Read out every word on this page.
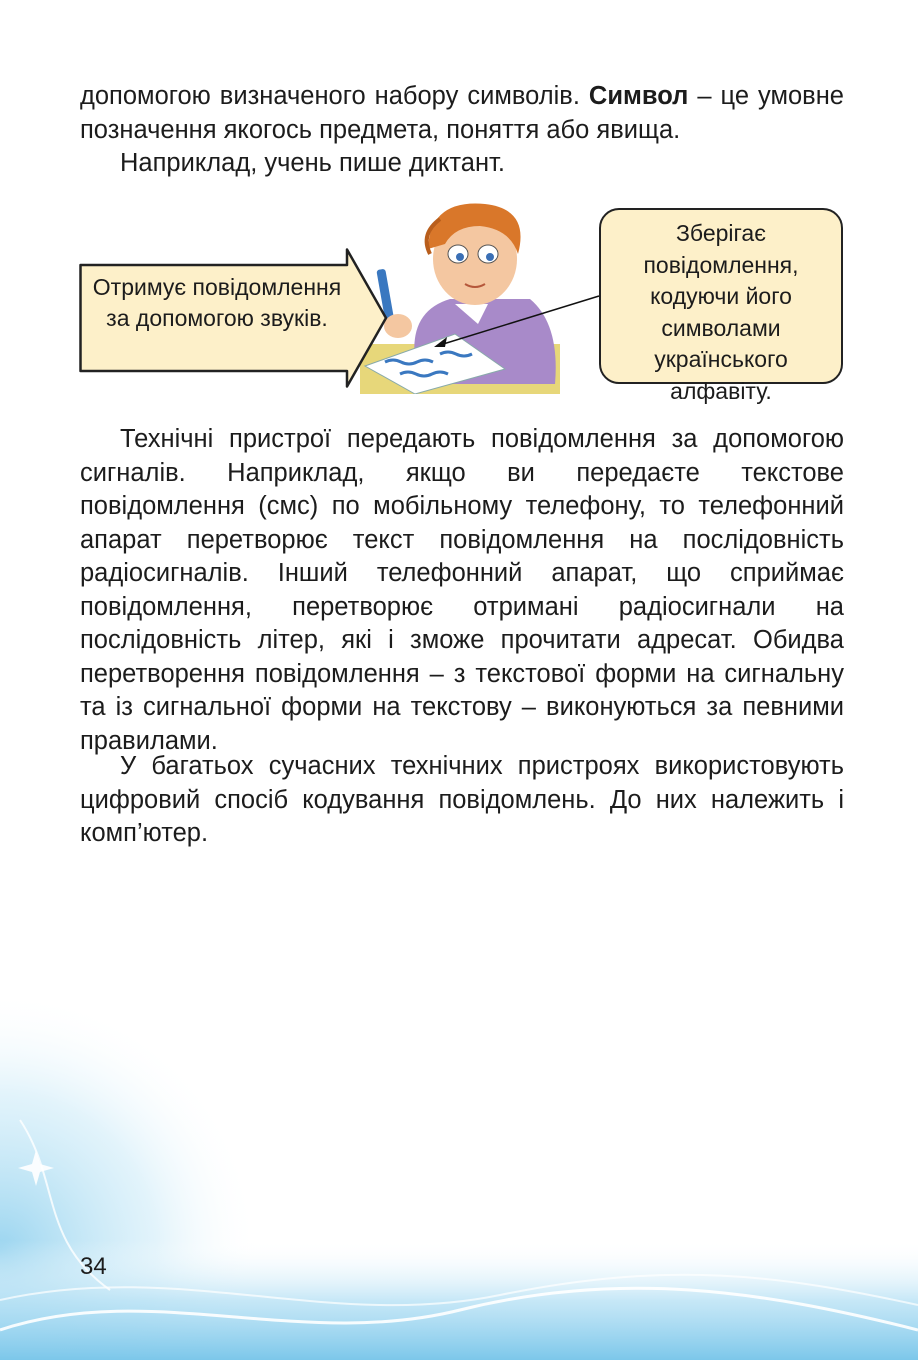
допомогою визначеного набору символів. Символ – це умовне позначення якогось предмета, поняття або явища.
Наприклад, учень пише диктант.

Отримує повідомлення за допомогою звуків.
Зберігає повідомлення, кодуючи його символами українського алфавіту.

Технічні пристрої передають повідомлення за допомогою сигналів. Наприклад, якщо ви передаєте текстове повідомлення (смс) по мобільному телефону, то телефонний апарат перетворює текст повідомлення на послідовність радіосигналів. Інший телефонний апарат, що сприймає повідомлення, перетворює отримані радіосигнали на послідовність літер, які і зможе прочитати адресат. Обидва перетворення повідомлення – з текстової форми на сигнальну та із сигнальної форми на текстову – виконуються за певними правилами.

У багатьох сучасних технічних пристроях використовують цифровий спосіб кодування повідомлень. До них належить і комп’ютер.

34
